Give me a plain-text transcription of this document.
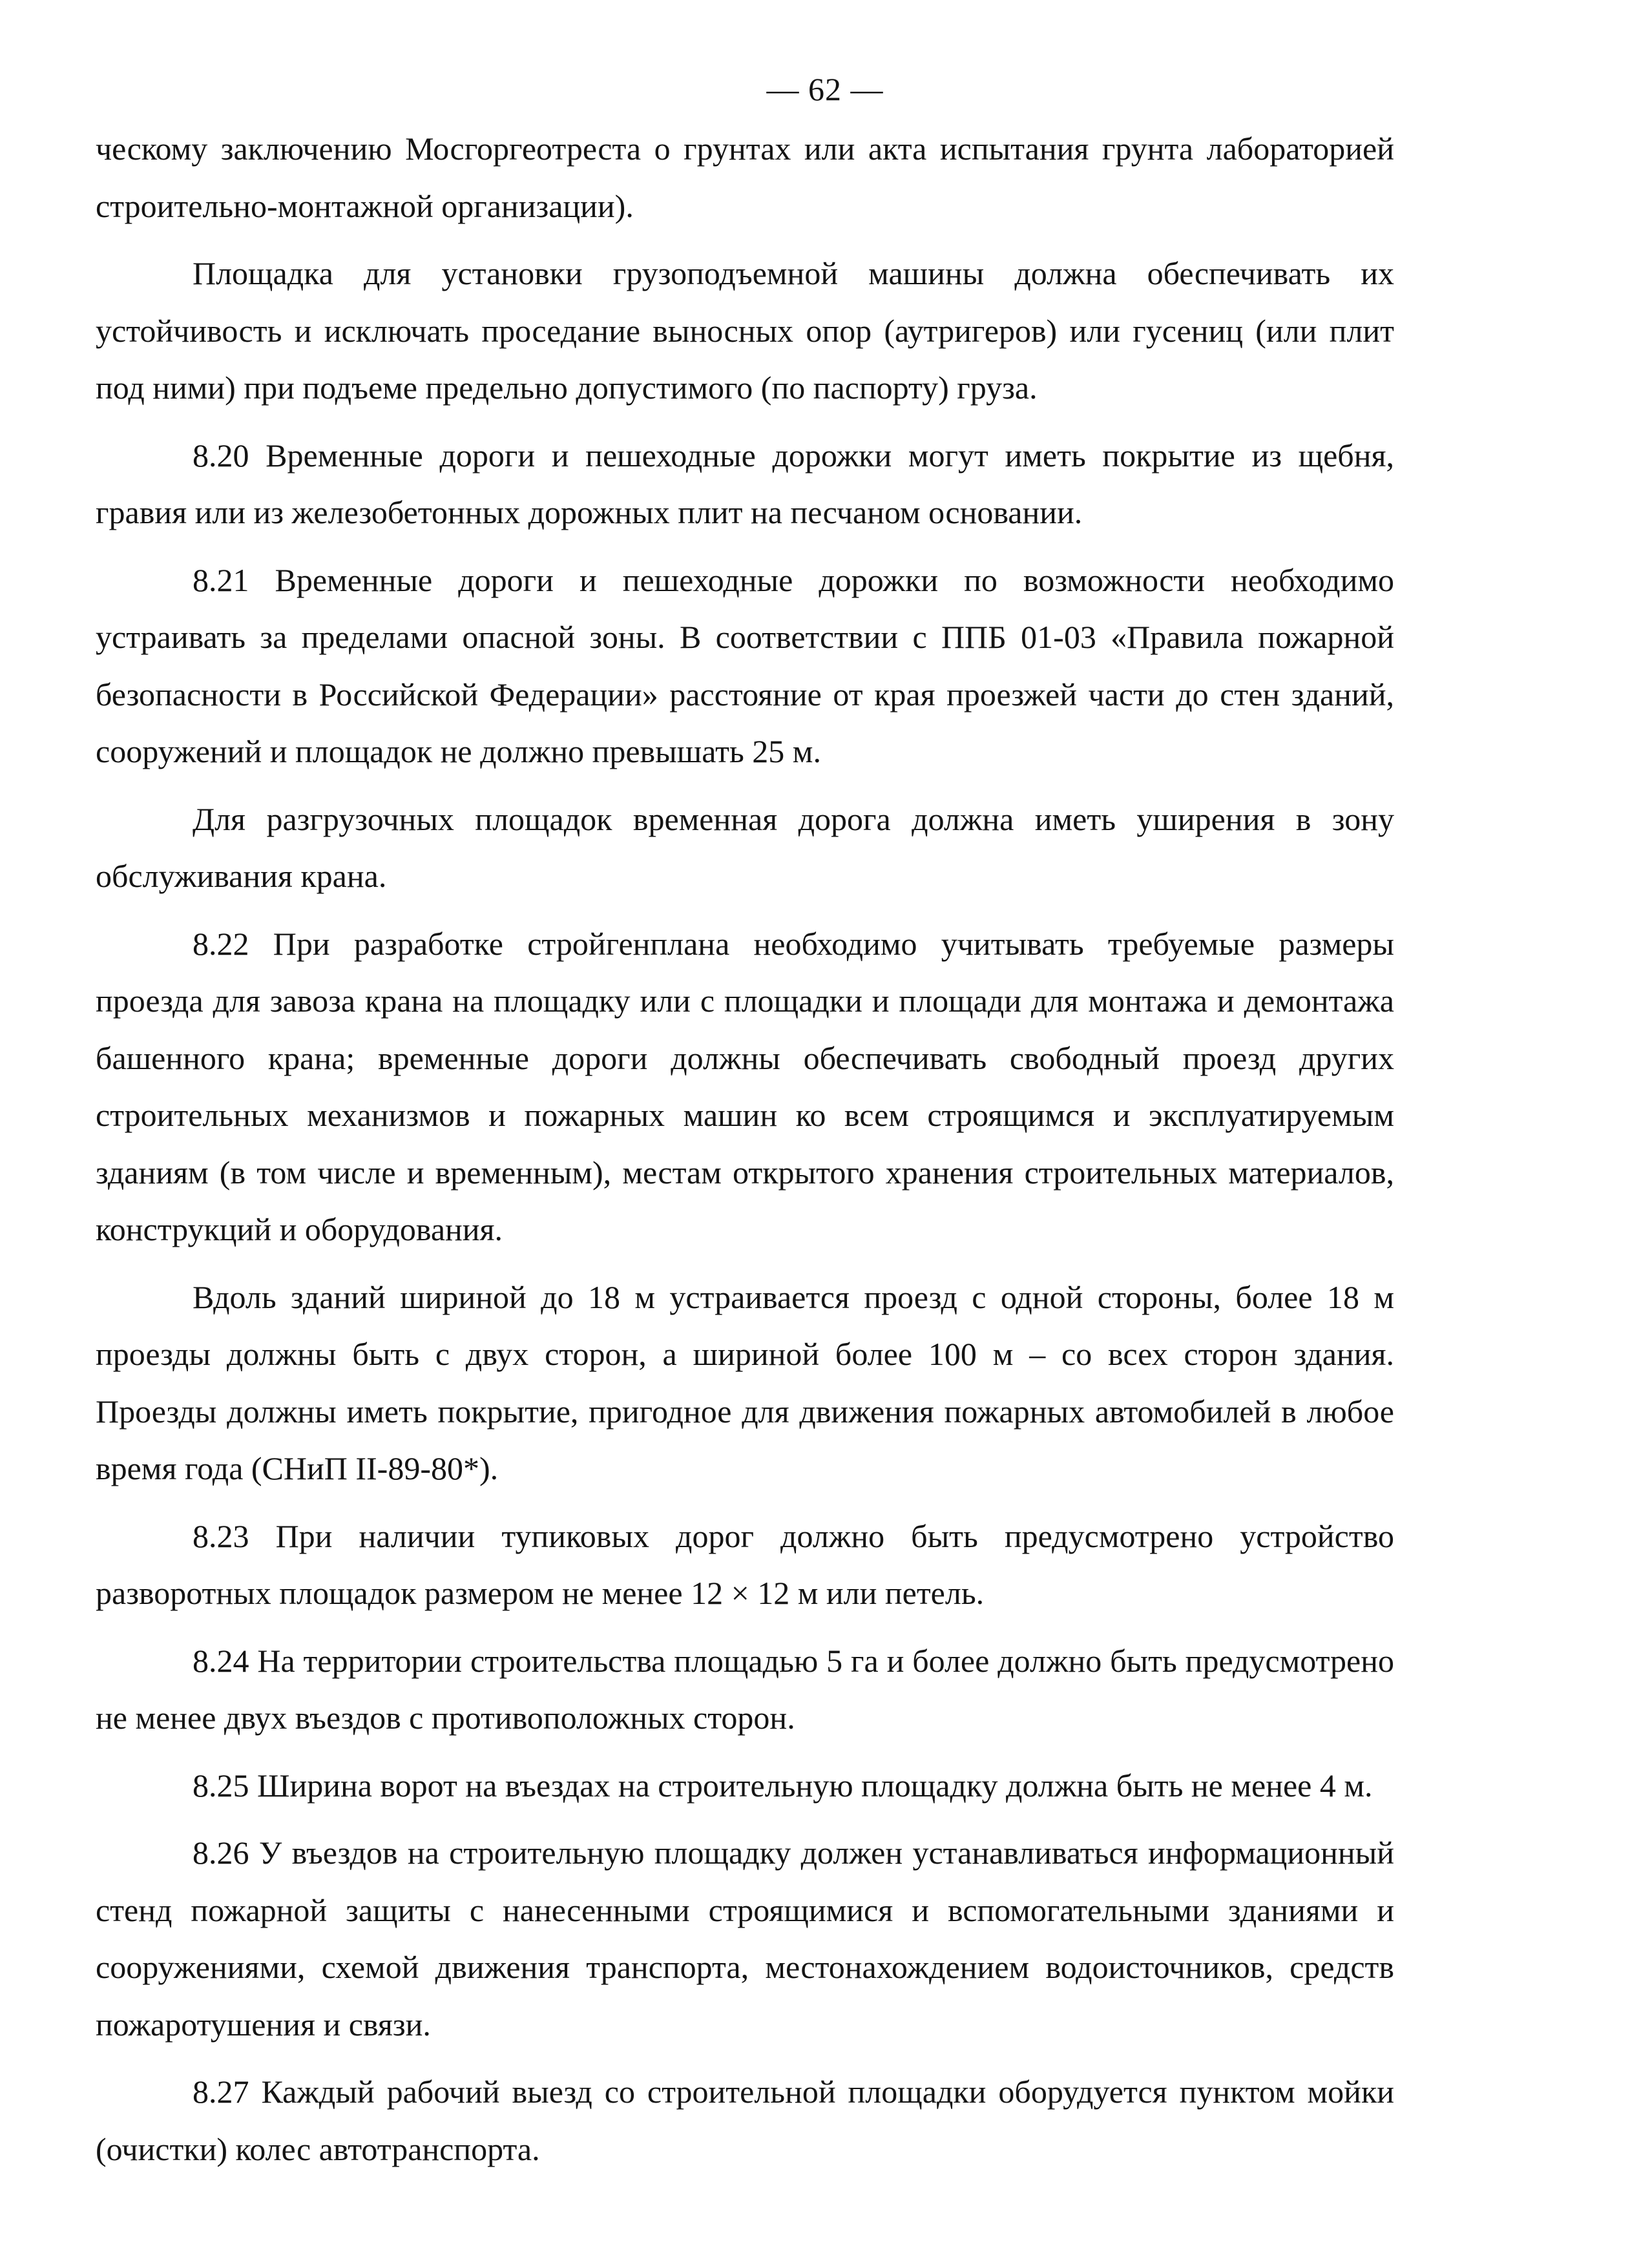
— 62 —

ческому заключению Мосгоргеотреста о грунтах или акта испытания грунта лабораторией строительно-монтажной организации).

Площадка для установки грузоподъемной машины должна обеспечивать их устойчивость и исключать проседание выносных опор (аутригеров) или гусениц (или плит под ними) при подъеме предельно допустимого (по паспорту) груза.

8.20 Временные дороги и пешеходные дорожки могут иметь покрытие из щебня, гравия или из железобетонных дорожных плит на песчаном основании.

8.21 Временные дороги и пешеходные дорожки по возможности необходимо устраивать за пределами опасной зоны. В соответствии с ППБ 01-03 «Правила пожарной безопасности в Российской Федерации» расстояние от края проезжей части до стен зданий, сооружений и площадок не должно превышать 25 м.

Для разгрузочных площадок временная дорога должна иметь уширения в зону обслуживания крана.

8.22 При разработке стройгенплана необходимо учитывать требуемые размеры проезда для завоза крана на площадку или с площадки и площади для монтажа и демонтажа башенного крана; временные дороги должны обеспечивать свободный проезд других строительных механизмов и пожарных машин ко всем строящимся и эксплуатируемым зданиям (в том числе и временным), местам открытого хранения строительных материалов, конструкций и оборудования.

Вдоль зданий шириной до 18 м устраивается проезд с одной стороны, более 18 м проезды должны быть с двух сторон, а шириной более 100 м – со всех сторон здания. Проезды должны иметь покрытие, пригодное для движения пожарных автомобилей в любое время года (СНиП II-89-80*).

8.23 При наличии тупиковых дорог должно быть предусмотрено устройство разворотных площадок размером не менее 12 × 12 м или петель.

8.24 На территории строительства площадью 5 га и более должно быть предусмотрено не менее двух въездов с противоположных сторон.

8.25 Ширина ворот на въездах на строительную площадку должна быть не менее 4 м.

8.26 У въездов на строительную площадку должен устанавливаться информационный стенд пожарной защиты с нанесенными строящимися и вспомогательными зданиями и сооружениями, схемой движения транспорта, местонахождением водоисточников, средств пожаротушения и связи.

8.27 Каждый рабочий выезд со строительной площадки оборудуется пунктом мойки (очистки) колес автотранспорта.
